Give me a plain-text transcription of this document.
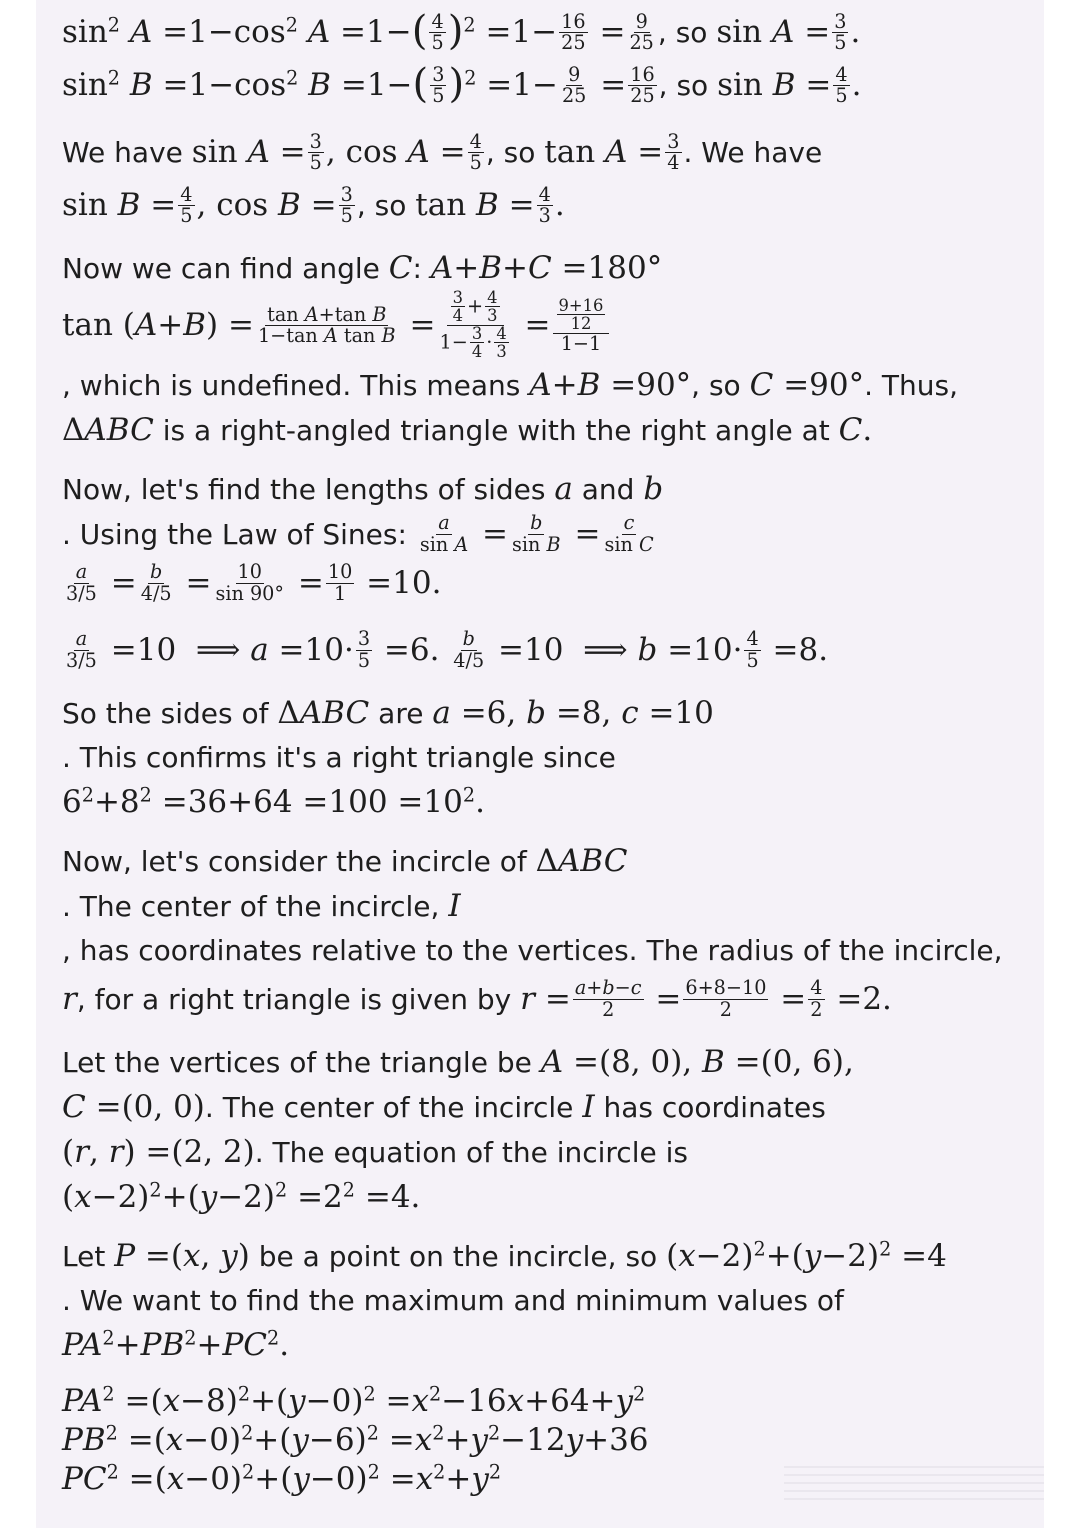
$\sin^2 A =1-\cos^2$ $A =1-( \frac{4}{5} )^2 =1- \frac{16}{25} = \frac{9}{25}$ , so $\sin A = \frac{3}{5}$ .
$\sin^2 B =1-\cos^2$ $B =1-( \frac{3}{5} )^2 =1- \frac{9}{25} = \frac{16}{25}$ , so $\sin B = \frac{4}{5}$ .
We have $\sin A = \frac{3}{5}$ , $\cos A = \frac{4}{5}$ , so $\tan A = \frac{3}{4}$ . We have
$\sin B = \frac{4}{5}$ , $\cos B = \frac{3}{5}$ , so $\tan B = \frac{4}{3}$ .
Now we can find angle C: A+B+C =180°
$\tan (A+B) = \frac{\text{tan A+tan B}}{\text{1−tan A tan B}} = \frac{\frac{3}{4} + \frac{4}{3}}{1- \frac{3}{4} \cdot \frac{4}{3}} = \frac{\frac{9+16}{12}}{1-1}$
, which is undefined. This means A+B =90°, so C =90°. Thus,
ΔABC is a right-angled triangle with the right angle at C.
Now, let's find the lengths of sides a and b
. Using the Law of Sines: $\frac{a}{\text{sin A}} = \frac{b}{\text{sin B}} = \frac{c}{\text{sin C}}$
$\frac{a}{3/5} = \frac{b}{4/5} = \frac{10}{\sin 90^\circ} = \frac{10}{1} =10$.
$\frac{a}{3/5} =10$  ⟹ $a =10\cdot \frac{3}{5} =6$. $\frac{b}{4/5} =10$  ⟹ $b =10\cdot \frac{4}{5} =8$.
So the sides of ΔABC are a =6, b =8, c =10
. This confirms it's a right triangle since
$6^2+8^2 =36+64 =100 =10^2$.
Now, let's consider the incircle of ΔABC
. The center of the incircle, I
, has coordinates relative to the vertices. The radius of the incircle,
r, for a right triangle is given by $r = \frac{a+b-c}{2} = \frac{6+8-10}{2} = \frac{4}{2} =2$.
Let the vertices of the triangle be A =(8, 0), B =(0, 6),
C =(0, 0). The center of the incircle I has coordinates
(r, r) =(2, 2). The equation of the incircle is
$(x-2)^2+(y-2)^2 =2^2 =4$.
Let P =(x, y) be a point on the incircle, so $(x-2)^2+(y-2)^2 =4$
. We want to find the maximum and minimum values of
$PA^2+PB^2+PC^2$.
$PA^2 =(x-8)^2+(y-0)^2 =x^2-16x+64+y^2$
$PB^2 =(x-0)^2+(y-6)^2 =x^2+y^2-12y+36$
$PC^2 =(x-0)^2+(y-0)^2 =x^2+y^2$
